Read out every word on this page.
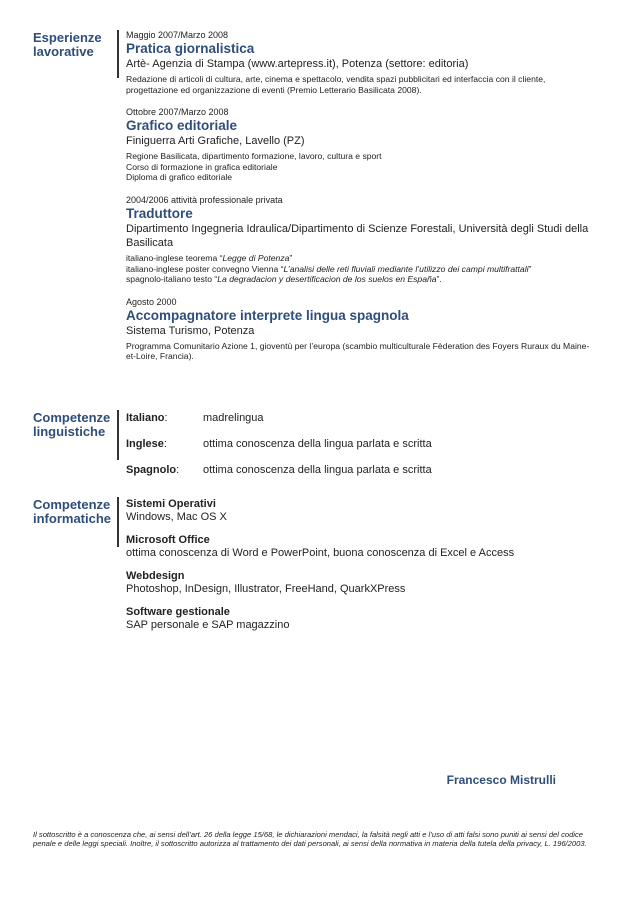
Esperienze lavorative
Maggio 2007/Marzo 2008
Pratica giornalistica
Artè- Agenzia di Stampa (www.artepress.it), Potenza (settore: editoria)
Redazione di articoli di cultura, arte, cinema e spettacolo, vendita spazi pubblicitari ed interfaccia con il cliente, progettazione ed organizzazione di eventi (Premio Letterario Basilicata 2008).
Ottobre 2007/Marzo 2008
Grafico editoriale
Finiguerra Arti Grafiche, Lavello (PZ)
Regione Basilicata, dipartimento formazione, lavoro, cultura e sport
Corso di formazione in grafica editoriale
Diploma di grafico editoriale
2004/2006 attività professionale privata
Traduttore
Dipartimento Ingegneria Idraulica/Dipartimento di Scienze Forestali, Università degli Studi della Basilicata
italiano-inglese teorema “Legge di Potenza”
italiano-inglese poster convegno Vienna “L’analisi delle reti fluviali mediante l’utilizzo dei campi multifrattali”
spagnolo-italiano testo “La degradacion y desertificacion de los suelos en España”.
Agosto 2000
Accompagnatore interprete lingua spagnola
Sistema Turismo, Potenza
Programma Comunitario Azione 1, gioventù per l’europa (scambio multiculturale Fèderation des Foyers Ruraux du Maine-et-Loire, Francia).
Competenze linguistiche
Italiano:	madrelingua
Inglese:	ottima conoscenza della lingua parlata e scritta
Spagnolo: ottima conoscenza della lingua parlata e scritta
Competenze informatiche
Sistemi Operativi
Windows, Mac OS X
Microsoft Office
ottima conoscenza di Word e PowerPoint, buona conoscenza di Excel e Access
Webdesign
Photoshop, InDesign, Illustrator, FreeHand, QuarkXPress
Software gestionale
SAP personale e SAP magazzino
Francesco Mistrulli
Il sottoscritto è a conoscenza che, ai sensi dell’art. 26 della legge 15/68, le dichiarazioni mendaci, la falsità negli atti e l’uso di atti falsi sono puniti ai sensi del codice penale e delle leggi speciali. Inoltre, il sottoscritto autorizza al trattamento dei dati personali, ai sensi della normativa in materia della tutela della privacy, L. 196/2003.
